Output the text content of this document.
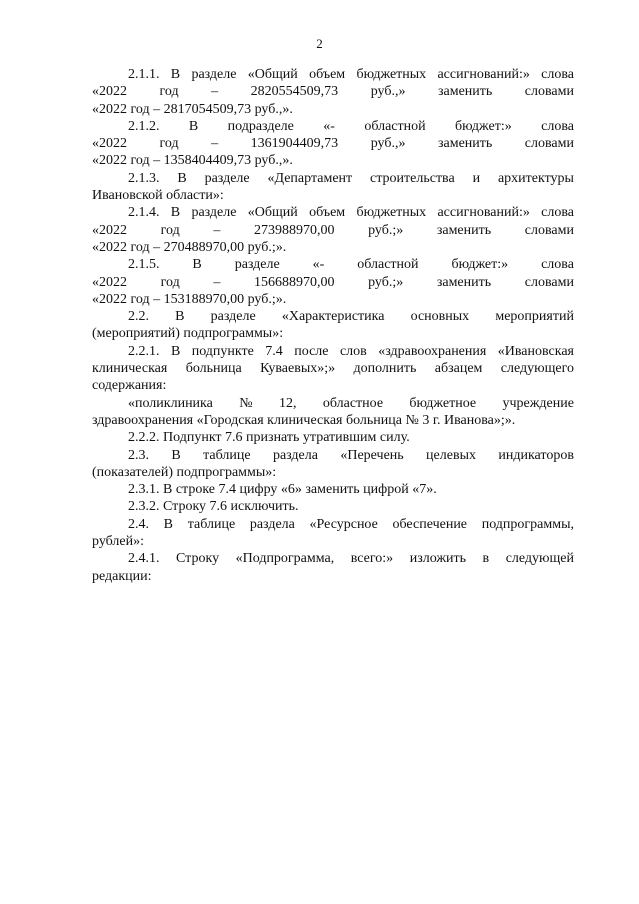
2
2.1.1. В разделе «Общий объем бюджетных ассигнований:» слова
«2022 год – 2820554509,73 руб.,» заменить словами
«2022 год – 2817054509,73 руб.,».
2.1.2. В подразделе «- областной бюджет:» слова
«2022 год – 1361904409,73 руб.,» заменить словами
«2022 год – 1358404409,73 руб.,».
2.1.3. В разделе «Департамент строительства и архитектуры
Ивановской области»:
2.1.4. В разделе «Общий объем бюджетных ассигнований:» слова
«2022 год – 273988970,00 руб.;» заменить словами
«2022 год – 270488970,00 руб.;».
2.1.5. В разделе «- областной бюджет:» слова
«2022 год – 156688970,00 руб.;» заменить словами
«2022 год – 153188970,00 руб.;».
2.2. В разделе «Характеристика основных мероприятий
(мероприятий) подпрограммы»:
2.2.1. В подпункте 7.4 после слов «здравоохранения «Ивановская
клиническая больница Куваевых»;» дополнить абзацем следующего
содержания:
«поликлиника № 12, областное бюджетное учреждение
здравоохранения «Городская клиническая больница № 3 г. Иванова»;».
2.2.2. Подпункт 7.6 признать утратившим силу.
2.3. В таблице раздела «Перечень целевых индикаторов
(показателей) подпрограммы»:
2.3.1. В строке 7.4 цифру «6» заменить цифрой «7».
2.3.2. Строку 7.6 исключить.
2.4. В таблице раздела «Ресурсное обеспечение подпрограммы,
рублей»:
2.4.1. Строку «Подпрограмма, всего:» изложить в следующей
редакции:
